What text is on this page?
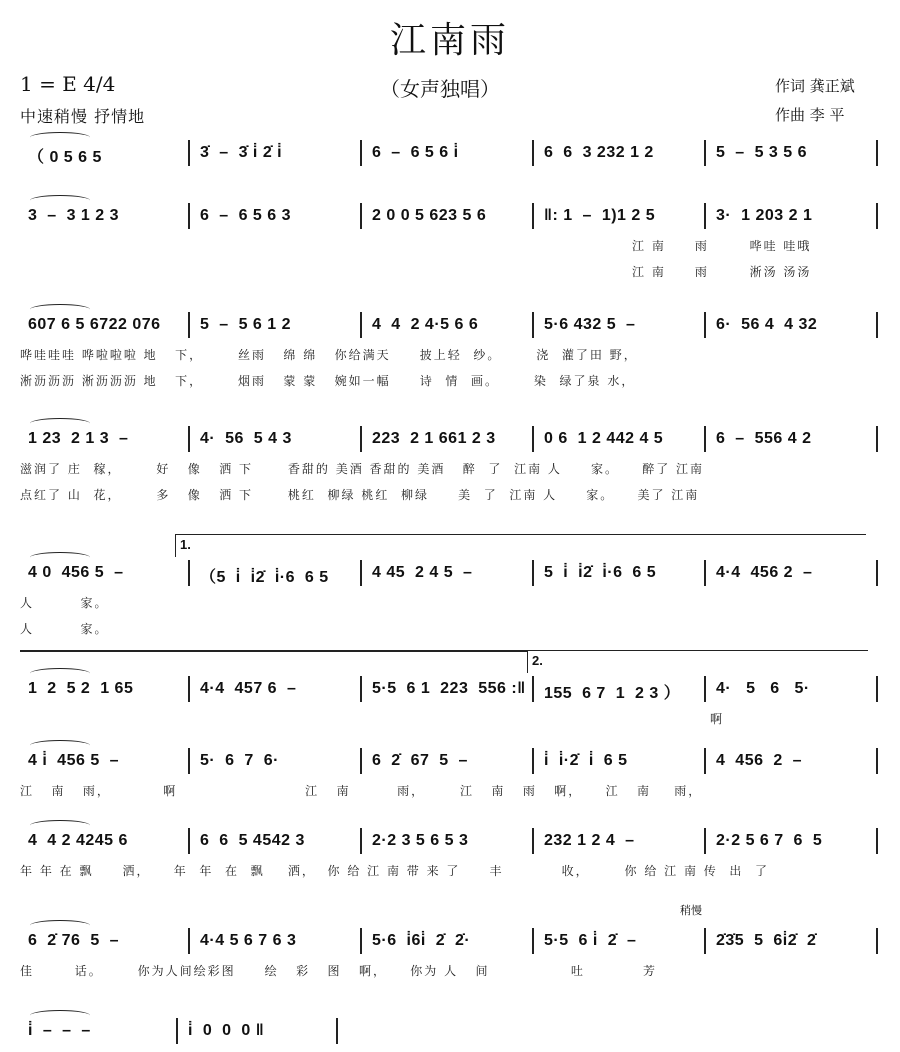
江南雨
1 = E 4/4
中速稍慢 抒情地
（女声独唱）	作词 龚正斌
作曲 李 平
（ 0 5 6 5	3̇  –  3̇ i̇ 2̇ i̇	6  –  6 5 6 i̇	6  6  3 232 1 2	5  –  5 3 5 6
3  –  3 1 2 3	6  –  6 5 6 3	2 0 0 5 623 5 6	‖: 1  –  1)1 2 5	3·  1 203 2 1
江 南     雨       哗哇 哇哦
江 南     雨       淅汤 汤汤
607 6 5 6722 076 5  –  5 6 1 2	4  4  2 4·5 6 6	5·6 432 5  –	6·  56 4  4 32
哗哇哇哇 哗啦啦啦 地   下，      丝雨   绵 绵   你给满天     披上轻  纱。      浇  灌了田 野，
淅沥沥沥 淅沥沥沥 地   下，      烟雨   蒙 蒙   婉如一幅     诗  情  画。      染  绿了泉 水，
1 23  2 1 3  –	4·  56  5 4 3	223  2 1 661 2 3	0 6  1 2 442 4 5	6  –  556 4 2
滋润了 庄  稼，      好   像   洒 下      香甜的 美酒 香甜的 美酒   醉  了  江南 人     家。    醉了 江南
点红了 山  花，      多   像   洒 下      桃红  柳绿 桃红  柳绿     美  了  江南 人     家。    美了 江南
4 0  456 5  –	（5  i̇  i̇2̇  i̇·6  6 5	4 45  2 4 5  –	5  i̇  i̇2̇  i̇·6  6 5	4·4  456 2  –
人        家。
人        家。
1.
1  2  5 2  1 65	4·4  457 6  –	5·5  6 1  223  556 :‖ 155  6 7  1  2 3 ） 4·   5   6   5·
啊
2.
4 i̇  456 5  –	5·  6  7  6·	6  2̇  67  5  –	i̇  i̇·2̇  i̇  6 5	4  456  2  –
江   南   雨，         啊                      江   南        雨，      江   南   雨   啊，    江   南    雨，
4  4 2 4245 6	6  6  5 4542 3	2·2 3 5 6 5 3	232 1 2 4  –	2·2 5 6 7  6  5
年 年 在 飘     洒，    年  年  在  飘    洒，  你 给 江 南 带 来 了     丰          收，      你 给 江 南 传  出  了
6  2̇ 76  5  –	4·4 5 6 7 6 3	5·6  i̇6i̇  2̇  2̇·	5·5  6 i̇  2̇  –	2̇3̇5  5  6i̇2̇  2̇
佳       话。      你为人间绘彩图     绘   彩   图   啊，    你为 人   间              吐          芳
稍慢
i̇  –  –  –	i̇  0  0  0 ‖
